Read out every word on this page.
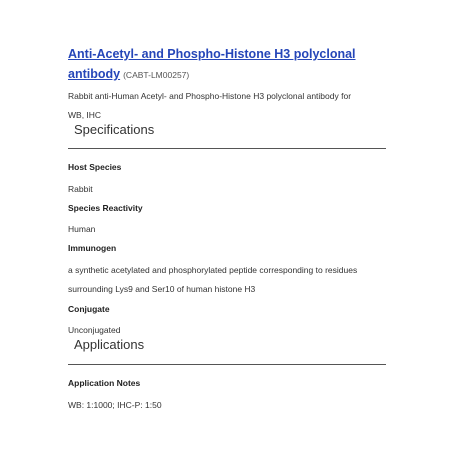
Anti-Acetyl- and Phospho-Histone H3 polyclonal

antibody (CABT-LM00257)

Rabbit anti-Human Acetyl- and Phospho-Histone H3 polyclonal antibody for

WB, IHC

Specifications

Host Species

Rabbit

Species Reactivity

Human

Immunogen

a synthetic acetylated and phosphorylated peptide corresponding to residues

surrounding Lys9 and Ser10 of human histone H3

Conjugate

Unconjugated

Applications

Application Notes

WB: 1:1000; IHC-P: 1:50
